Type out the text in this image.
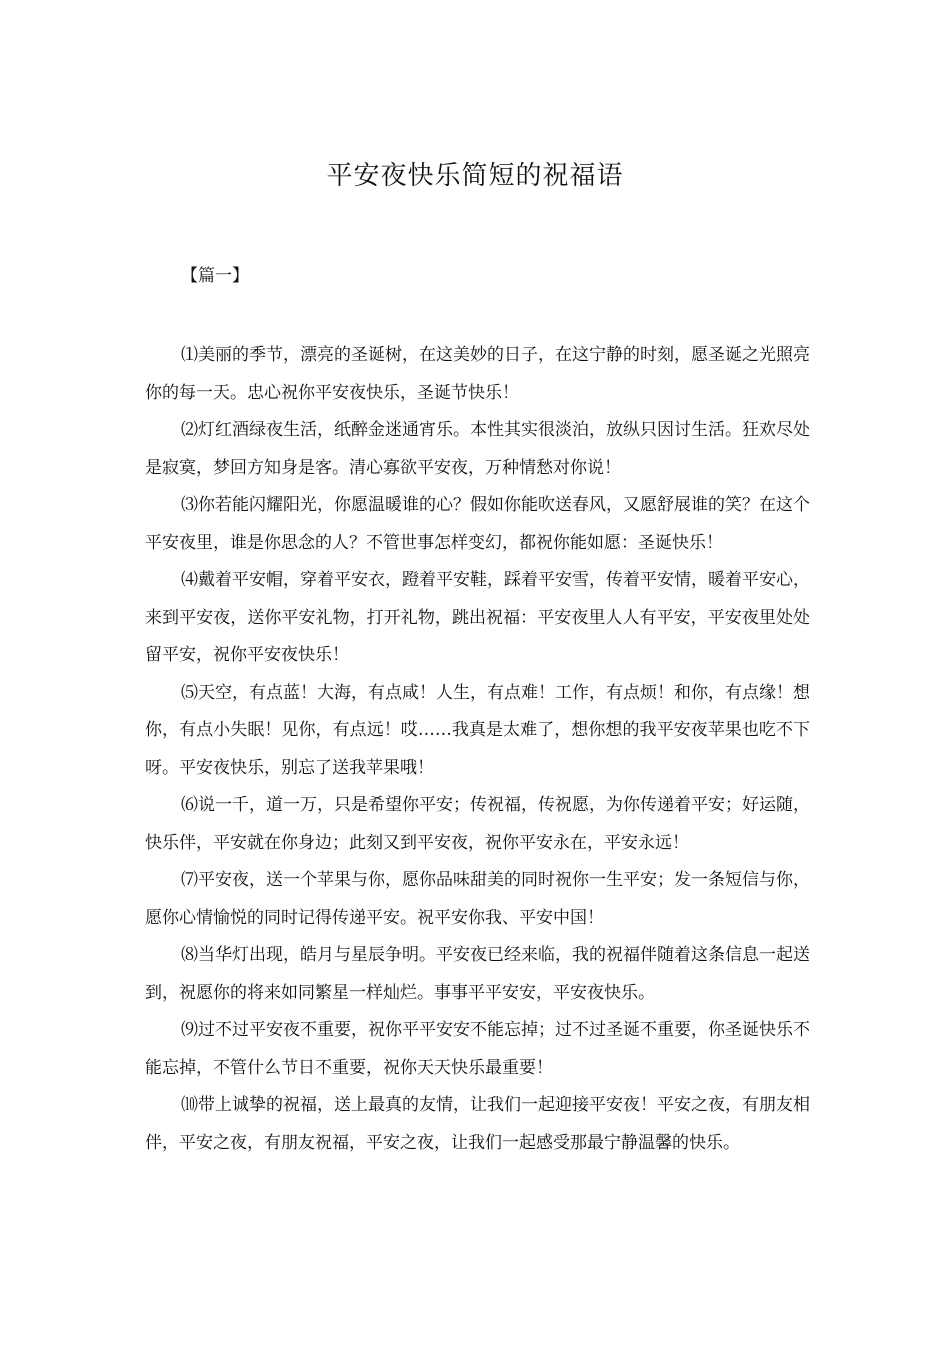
平安夜快乐简短的祝福语
【篇一】

⑴美丽的季节，漂亮的圣诞树，在这美妙的日子，在这宁静的时刻，愿圣诞之光照亮你的每一天。忠心祝你平安夜快乐，圣诞节快乐！

⑵灯红酒绿夜生活，纸醉金迷通宵乐。本性其实很淡泊，放纵只因讨生活。狂欢尽处是寂寞，梦回方知身是客。清心寡欲平安夜，万种情愁对你说！

⑶你若能闪耀阳光，你愿温暖谁的心？假如你能吹送春风，又愿舒展谁的笑？在这个平安夜里，谁是你思念的人？不管世事怎样变幻，都祝你能如愿：圣诞快乐！

⑷戴着平安帽，穿着平安衣，蹬着平安鞋，踩着平安雪，传着平安情，暖着平安心，来到平安夜，送你平安礼物，打开礼物，跳出祝福：平安夜里人人有平安，平安夜里处处留平安，祝你平安夜快乐！

⑸天空，有点蓝！大海，有点咸！人生，有点难！工作，有点烦！和你，有点缘！想你，有点小失眠！见你，有点远！哎……我真是太难了，想你想的我平安夜苹果也吃不下呀。平安夜快乐，别忘了送我苹果哦！

⑹说一千，道一万，只是希望你平安；传祝福，传祝愿，为你传递着平安；好运随，快乐伴，平安就在你身边；此刻又到平安夜，祝你平安永在，平安永远！

⑺平安夜，送一个苹果与你，愿你品味甜美的同时祝你一生平安；发一条短信与你，愿你心情愉悦的同时记得传递平安。祝平安你我、平安中国！

⑻当华灯出现，皓月与星辰争明。平安夜已经来临，我的祝福伴随着这条信息一起送到，祝愿你的将来如同繁星一样灿烂。事事平平安安，平安夜快乐。

⑼过不过平安夜不重要，祝你平平安安不能忘掉；过不过圣诞不重要，你圣诞快乐不能忘掉，不管什么节日不重要，祝你天天快乐最重要！

⑽带上诚挚的祝福，送上最真的友情，让我们一起迎接平安夜！平安之夜，有朋友相伴，平安之夜，有朋友祝福，平安之夜，让我们一起感受那最宁静温馨的快乐。
